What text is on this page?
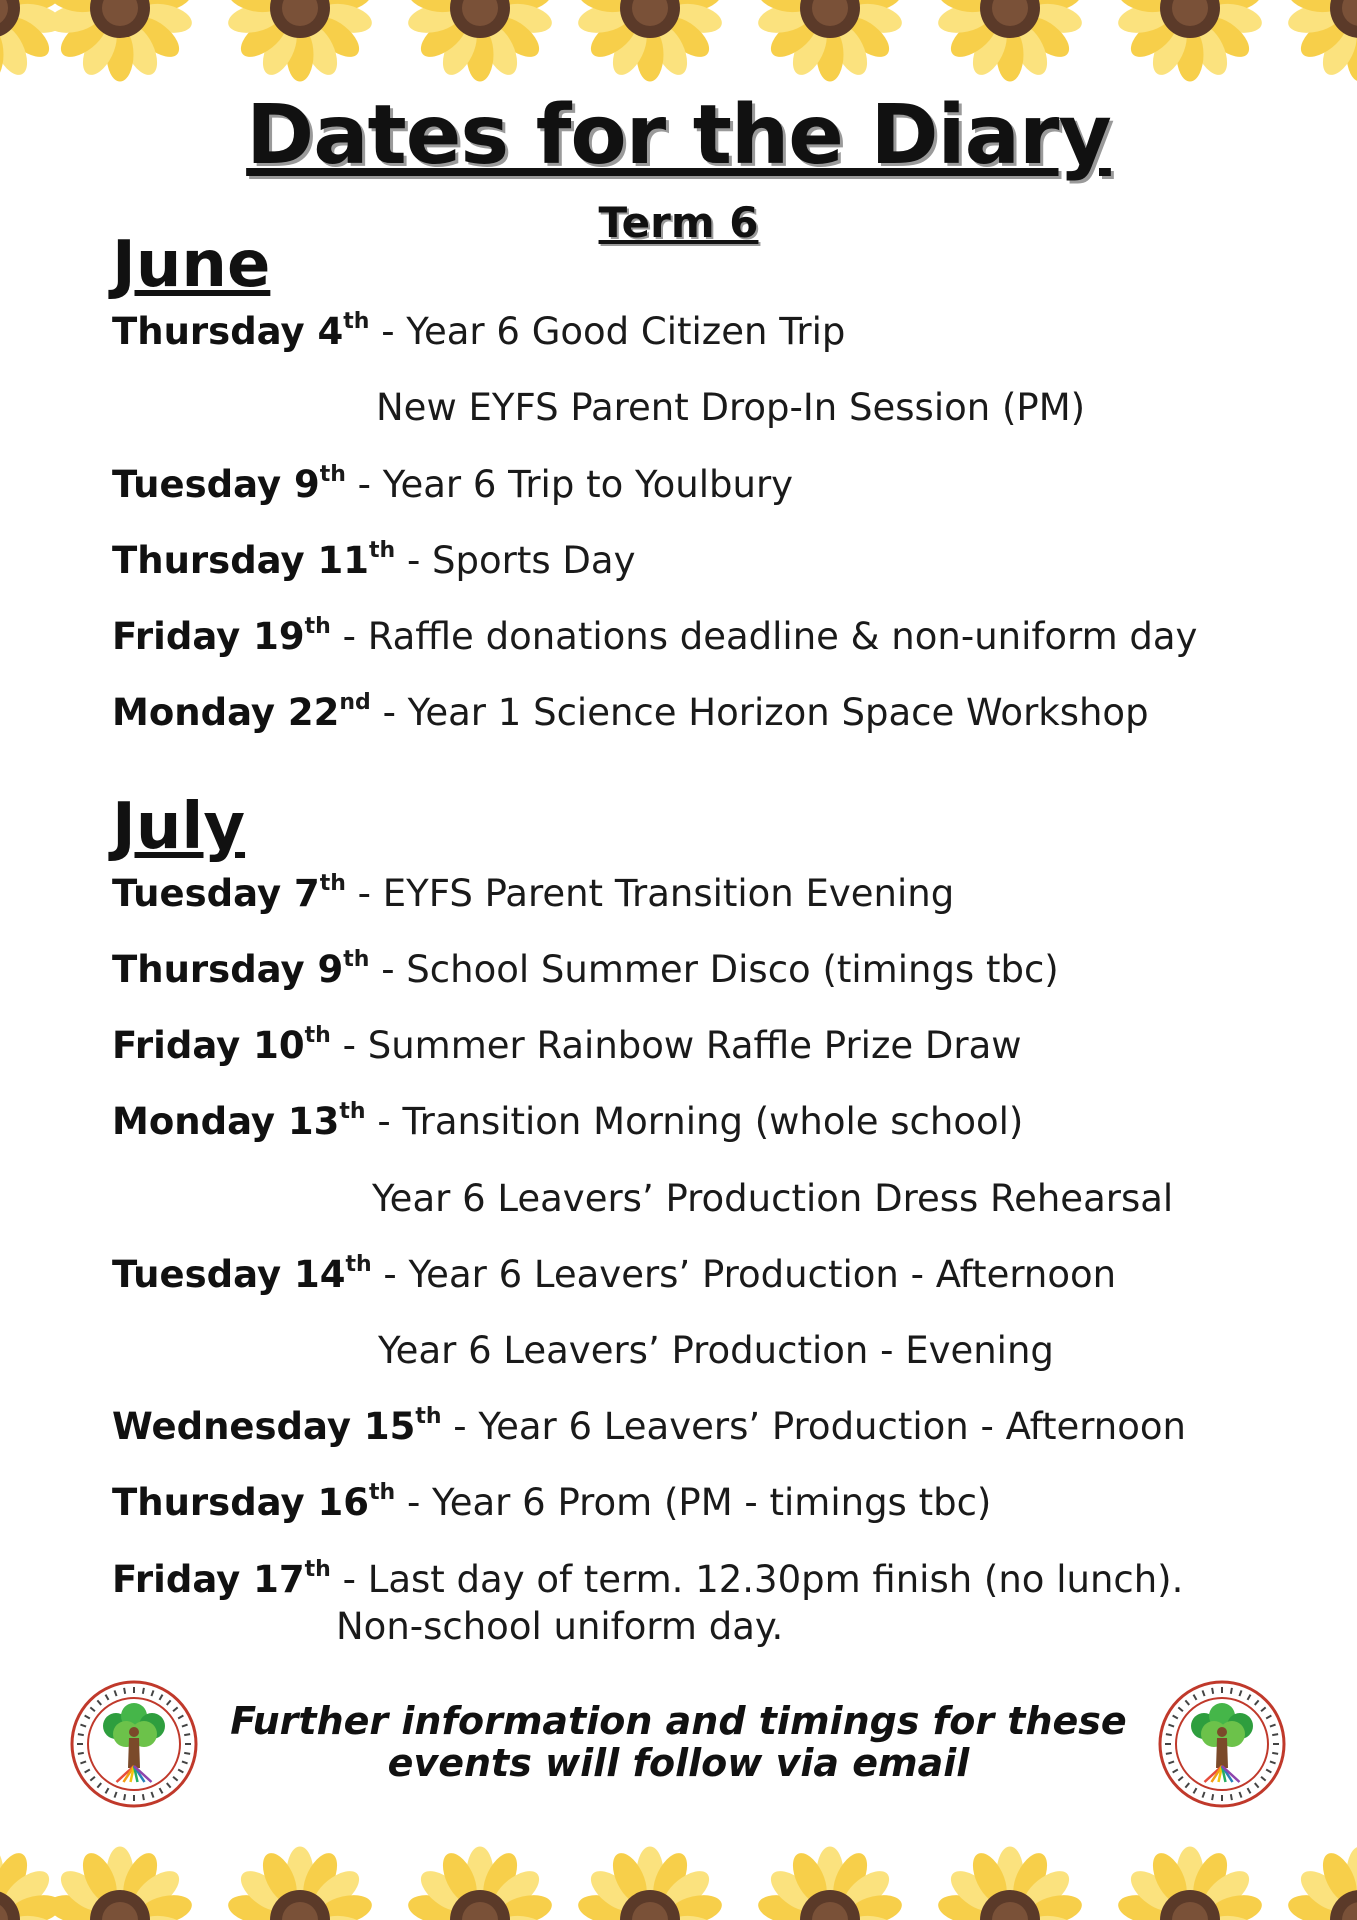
Dates for the Diary
Term 6
June
Thursday 4th - Year 6 Good Citizen Trip
New EYFS Parent Drop-In Session (PM)
Tuesday 9th - Year 6 Trip to Youlbury
Thursday 11th - Sports Day
Friday 19th - Raffle donations deadline & non-uniform day
Monday 22nd - Year 1 Science Horizon Space Workshop
July
Tuesday 7th - EYFS Parent Transition Evening
Thursday 9th - School Summer Disco (timings tbc)
Friday 10th - Summer Rainbow Raffle Prize Draw
Monday 13th - Transition Morning (whole school)
Year 6 Leavers’ Production Dress Rehearsal
Tuesday 14th - Year 6 Leavers’ Production - Afternoon
Year 6 Leavers’ Production - Evening
Wednesday 15th - Year 6 Leavers’ Production - Afternoon
Thursday 16th - Year 6 Prom (PM - timings tbc)
Friday 17th - Last day of term. 12.30pm finish (no lunch).
Non-school uniform day.
Further information and timings for these
events will follow via email
